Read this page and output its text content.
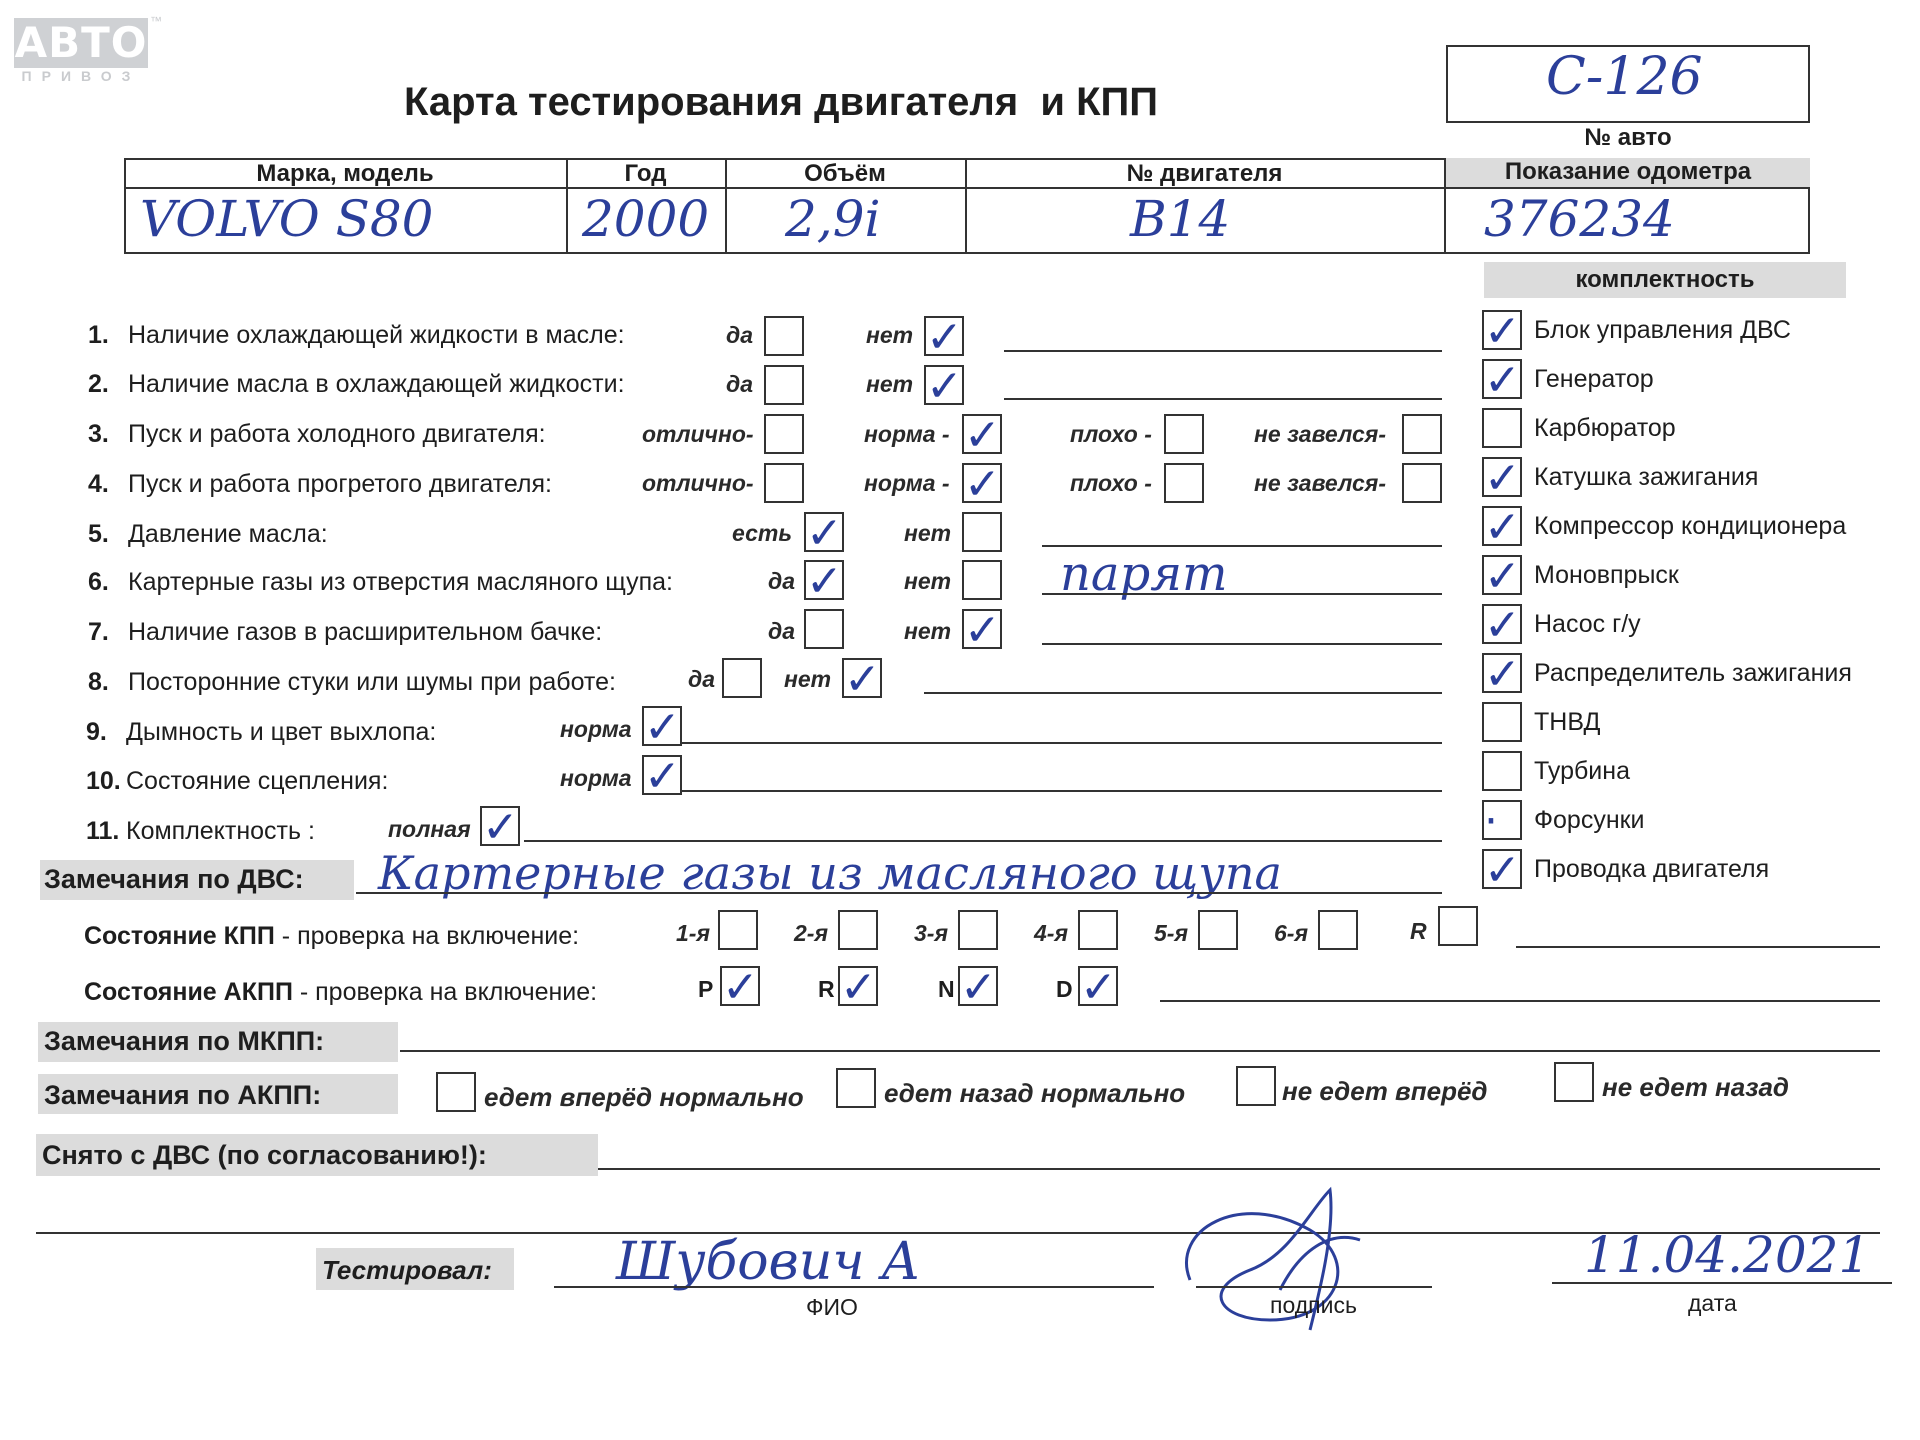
АВТО ™
ПРИВОЗ
Карта тестирования двигателя  и КПП	С-126
№ авто
Марка, модель	Год	Объём	№ двигателя	Показание одометра
VOLVO S80	2000 2,9i	B14	376234
комплектность
✓ Блок управления ДВС
✓ Генератор
Карбюратор
✓ Катушка зажигания
✓ Компрессор кондиционера
✓ Моновпрыск
✓ Насос г/у
✓ Распределитель зажигания
ТНВД
Турбина
·	Форсунки
✓ Проводка двигателя
1. Наличие охлаждающей жидкости в масле:	да	нет ✓
2. Наличие масла в охлаждающей жидкости:	да	нет ✓
3. Пуск и работа холодного двигателя:	отлично-	норма - ✓	плохо -	не завелся-
4. Пуск и работа прогретого двигателя:	отлично-	норма - ✓	плохо -	не завелся-
5. Давление масла:	есть ✓	нет
6. Картерные газы из отверстия масляного щупа:	да ✓	нет парят
7. Наличие газов в расширительном бачке:	да	нет ✓
8. Посторонние стуки или шумы при работе:	да	нет ✓
9. Дымность и цвет выхлопа:	норма ✓
10. Состояние сцепления:	норма ✓
11. Комплектность :	полная ✓
Замечания по ДВС: Картерные газы из масляного щупа
Состояние КПП - проверка на включение:	1-я	2-я	3-я	4-я	5-я	6-я	R
Состояние АКПП - проверка на включение:	P ✓	R ✓	N ✓	D ✓
Замечания по МКПП:
Замечания по АКПП:	едет вперёд нормально	едет назад нормально	не едет вперёд	не едет назад
Снято с ДВС (по согласованию!):
Тестировал: Шубович А
ФИО	подпись
11.04.2021
дата
